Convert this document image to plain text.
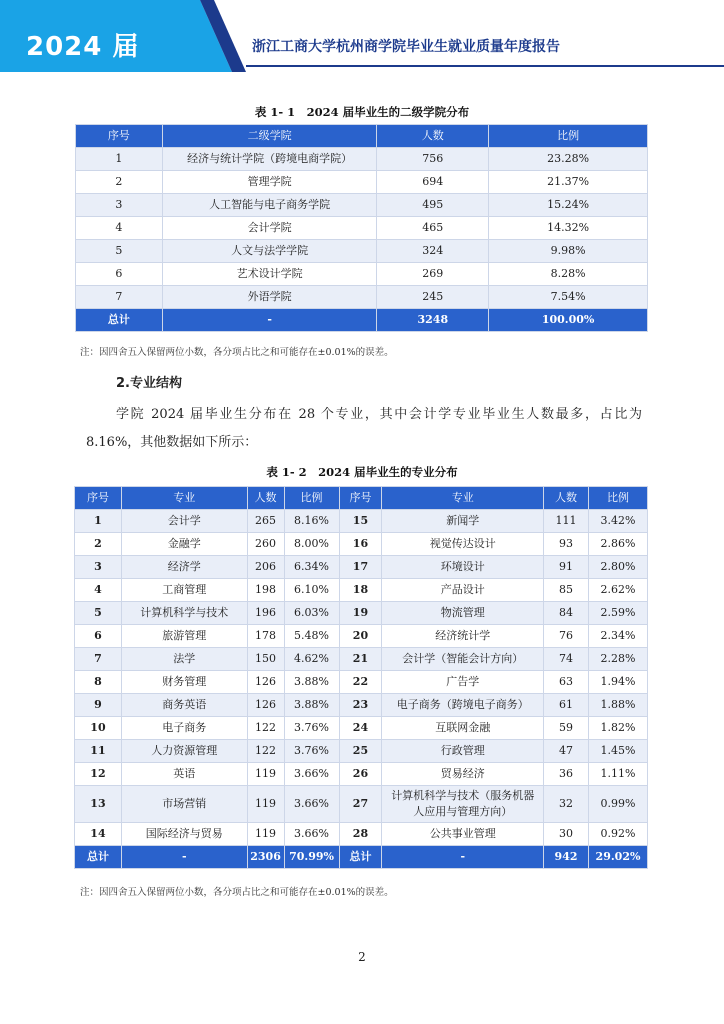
2024 届	浙江工商大学杭州商学院毕业生就业质量年度报告
表 1- 1　2024 届毕业生的二级学院分布
序号	二级学院	人数	比例
1	经济与统计学院（跨境电商学院）	756	23.28%
2	管理学院	694	21.37%
3	人工智能与电子商务学院	495	15.24%
4	会计学院	465	14.32%
5	人文与法学学院	324	9.98%
6	艺术设计学院	269	8.28%
7	外语学院	245	7.54%
总计	-	3248	100.00%
注：因四舍五入保留两位小数，各分项占比之和可能存在±0.01%的误差。
2.专业结构
学院 2024 届毕业生分布在 28 个专业，其中会计学专业毕业生人数最多，占比为 8.16%，其他数据如下所示：
表 1- 2　2024 届毕业生的专业分布
序号	专业	人数	比例	序号	专业	人数	比例
1	会计学	265	8.16%	15	新闻学	111	3.42%
2	金融学	260	8.00%	16	视觉传达设计	93	2.86%
3	经济学	206	6.34%	17	环境设计	91	2.80%
4	工商管理	198	6.10%	18	产品设计	85	2.62%
5	计算机科学与技术	196	6.03%	19	物流管理	84	2.59%
6	旅游管理	178	5.48%	20	经济统计学	76	2.34%
7	法学	150	4.62%	21	会计学（智能会计方向）	74	2.28%
8	财务管理	126	3.88%	22	广告学	63	1.94%
9	商务英语	126	3.88%	23	电子商务（跨境电子商务）	61	1.88%
10	电子商务	122	3.76%	24	互联网金融	59	1.82%
11	人力资源管理	122	3.76%	25	行政管理	47	1.45%
12	英语	119	3.66%	26	贸易经济	36	1.11%
13	市场营销	119	3.66%	27	计算机科学与技术（服务机器人应用与管理方向）	32	0.99%
14	国际经济与贸易	119	3.66%	28	公共事业管理	30	0.92%
总计	-	2306	70.99%	总计	-	942	29.02%
注：因四舍五入保留两位小数，各分项占比之和可能存在±0.01%的误差。
2
